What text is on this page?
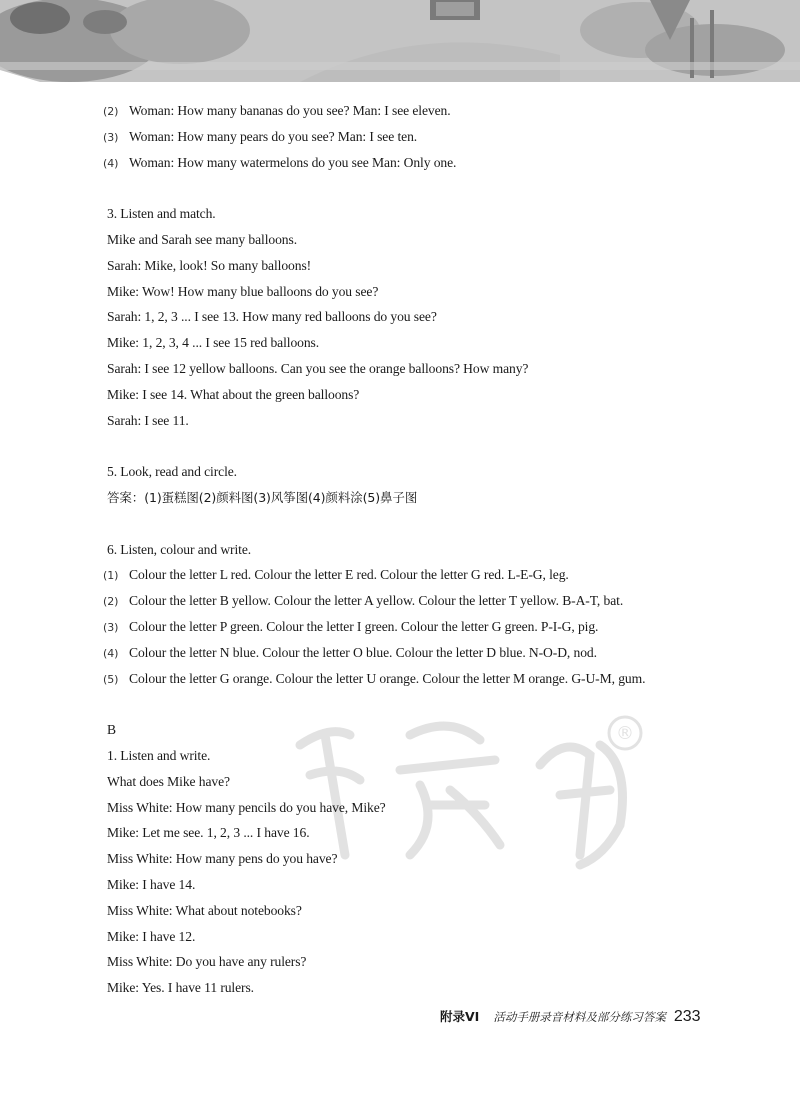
®
(2) Woman: How many bananas do you see? Man: I see eleven.
(3) Woman: How many pears do you see? Man: I see ten.
(4) Woman: How many watermelons do you see Man: Only one.
3. Listen and match.
Mike and Sarah see many balloons.
Sarah: Mike, look! So many balloons!
Mike: Wow! How many blue balloons do you see?
Sarah: 1, 2, 3 ... I see 13. How many red balloons do you see?
Mike: 1, 2, 3, 4 ... I see 15 red balloons.
Sarah: I see 12 yellow balloons. Can you see the orange balloons? How many?
Mike: I see 14. What about the green balloons?
Sarah: I see 11.
5. Look, read and circle.
答案：(1)蛋糕图(2)颜料图(3)风筝图(4)颜料涂(5)鼻子图
6. Listen, colour and write.
(1) Colour the letter L red. Colour the letter E red. Colour the letter G red. L-E-G, leg.
(2) Colour the letter B yellow. Colour the letter A yellow. Colour the letter T yellow. B-A-T, bat.
(3) Colour the letter P green. Colour the letter I green. Colour the letter G green. P-I-G, pig.
(4) Colour the letter N blue. Colour the letter O blue. Colour the letter D blue. N-O-D, nod.
(5) Colour the letter G orange. Colour the letter U orange. Colour the letter M orange. G-U-M, gum.
B
1. Listen and write.
What does Mike have?
Miss White: How many pencils do you have, Mike?
Mike: Let me see. 1, 2, 3 ... I have 16.
Miss White: How many pens do you have?
Mike: I have 14.
Miss White: What about notebooks?
Mike: I have 12.
Miss White: Do you have any rulers?
Mike: Yes. I have 11 rulers.
附录VI 活动手册录音材料及部分练习答案 233
